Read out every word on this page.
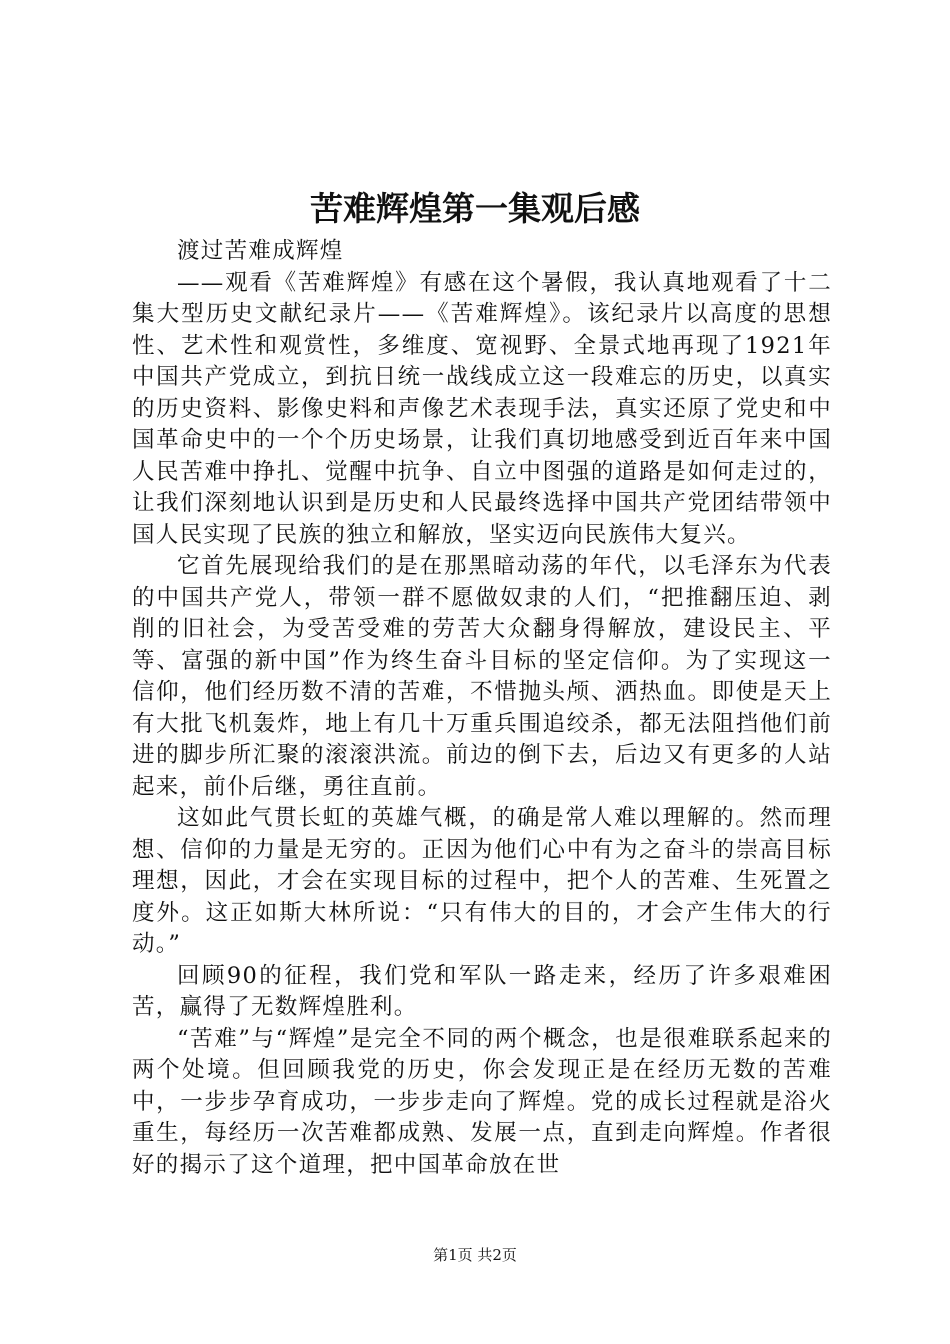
苦难辉煌第一集观后感

渡过苦难成辉煌

——观看《苦难辉煌》有感在这个暑假，我认真地观看了十二集大型历史文献纪录片——《苦难辉煌》。该纪录片以高度的思想性、艺术性和观赏性，多维度、宽视野、全景式地再现了1921年中国共产党成立，到抗日统一战线成立这一段难忘的历史，以真实的历史资料、影像史料和声像艺术表现手法，真实还原了党史和中国革命史中的一个个历史场景，让我们真切地感受到近百年来中国人民苦难中挣扎、觉醒中抗争、自立中图强的道路是如何走过的，让我们深刻地认识到是历史和人民最终选择中国共产党团结带领中国人民实现了民族的独立和解放，坚实迈向民族伟大复兴。

它首先展现给我们的是在那黑暗动荡的年代，以毛泽东为代表的中国共产党人，带领一群不愿做奴隶的人们，“把推翻压迫、剥削的旧社会，为受苦受难的劳苦大众翻身得解放，建设民主、平等、富强的新中国”作为终生奋斗目标的坚定信仰。为了实现这一信仰，他们经历数不清的苦难，不惜抛头颅、洒热血。即使是天上有大批飞机轰炸，地上有几十万重兵围追绞杀，都无法阻挡他们前进的脚步所汇聚的滚滚洪流。前边的倒下去，后边又有更多的人站起来，前仆后继，勇往直前。

这如此气贯长虹的英雄气概，的确是常人难以理解的。然而理想、信仰的力量是无穷的。正因为他们心中有为之奋斗的崇高目标理想，因此，才会在实现目标的过程中，把个人的苦难、生死置之度外。这正如斯大林所说：“只有伟大的目的，才会产生伟大的行动。”

回顾90的征程，我们党和军队一路走来，经历了许多艰难困苦，赢得了无数辉煌胜利。

“苦难”与“辉煌”是完全不同的两个概念，也是很难联系起来的两个处境。但回顾我党的历史，你会发现正是在经历无数的苦难中，一步步孕育成功，一步步走向了辉煌。党的成长过程就是浴火重生，每经历一次苦难都成熟、发展一点，直到走向辉煌。作者很好的揭示了这个道理，把中国革命放在世

第1页 共2页
